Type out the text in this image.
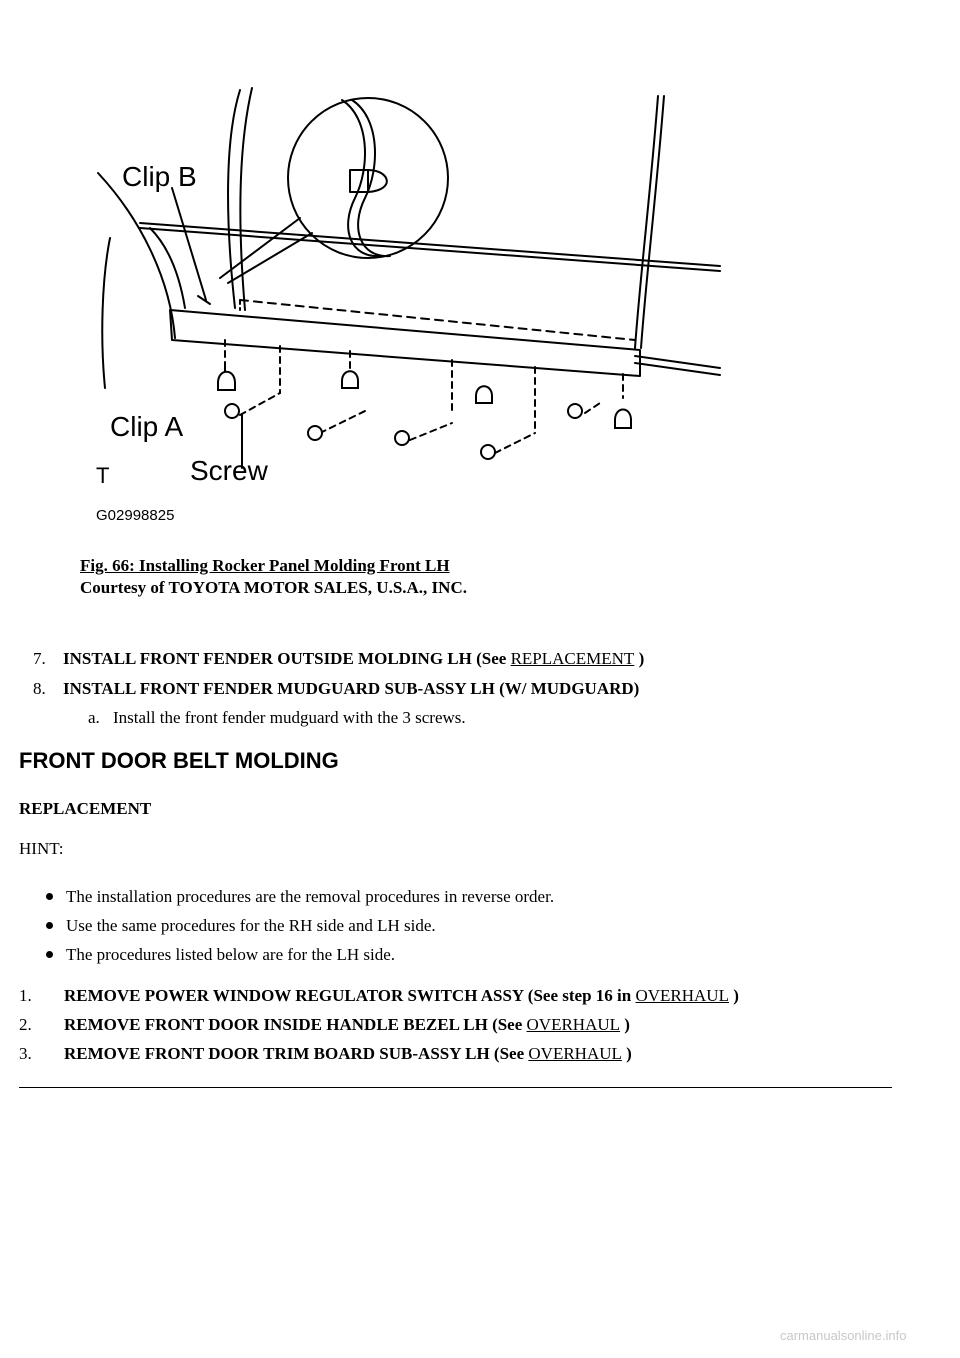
Clip B
Clip A
Screw
T
G02998825
Fig. 66: Installing Rocker Panel Molding Front LH
Courtesy of TOYOTA MOTOR SALES, U.S.A., INC.
7. INSTALL FRONT FENDER OUTSIDE MOLDING LH (See REPLACEMENT )
8. INSTALL FRONT FENDER MUDGUARD SUB-ASSY LH (W/ MUDGUARD)
a. Install the front fender mudguard with the 3 screws.
FRONT DOOR BELT MOLDING
REPLACEMENT
HINT:
The installation procedures are the removal procedures in reverse order.
Use the same procedures for the RH side and LH side.
The procedures listed below are for the LH side.
1. REMOVE POWER WINDOW REGULATOR SWITCH ASSY (See step 16 in OVERHAUL )
2. REMOVE FRONT DOOR INSIDE HANDLE BEZEL LH (See OVERHAUL )
3. REMOVE FRONT DOOR TRIM BOARD SUB-ASSY LH (See OVERHAUL )
carmanualsonline.info
